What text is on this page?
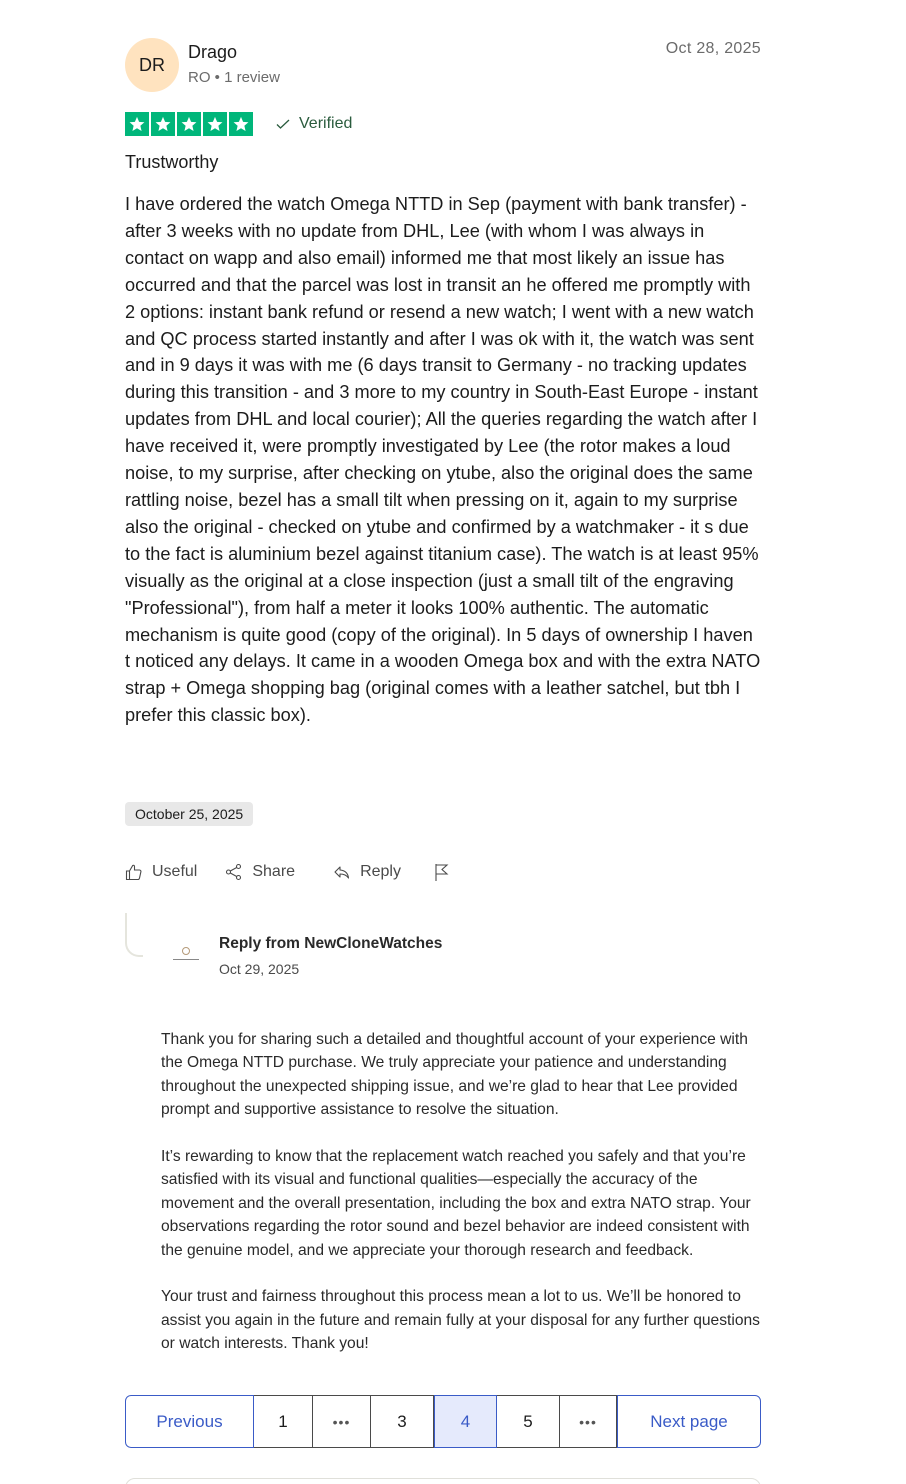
DR
Drago
RO • 1 review
Oct 28, 2025
Verified
Trustworthy
I have ordered the watch Omega NTTD in Sep (payment with bank transfer) - after 3 weeks with no update from DHL, Lee (with whom I was always in contact on wapp and also email) informed me that most likely an issue has occurred and that the parcel was lost in transit an he offered me promptly with 2 options: instant bank refund or resend a new watch; I went with a new watch and QC process started instantly and after I was ok with it, the watch was sent and in 9 days it was with me (6 days transit to Germany - no tracking updates during this transition - and 3 more to my country in South-East Europe - instant updates from DHL and local courier); All the queries regarding the watch after I have received it, were promptly investigated by Lee (the rotor makes a loud noise, to my surprise, after checking on ytube, also the original does the same rattling noise, bezel has a small tilt when pressing on it, again to my surprise also the original - checked on ytube and confirmed by a watchmaker - it s due to the fact is aluminium bezel against titanium case). The watch is at least 95% visually as the original at a close inspection (just a small tilt of the engraving "Professional"), from half a meter it looks 100% authentic. The automatic mechanism is quite good (copy of the original). In 5 days of ownership I haven t noticed any delays. It came in a wooden Omega box and with the extra NATO strap + Omega shopping bag (original comes with a leather satchel, but tbh I prefer this classic box).
October 25, 2025
Useful	Share	Reply
Reply from NewCloneWatches
Oct 29, 2025

Thank you for sharing such a detailed and thoughtful account of your experience with the Omega NTTD purchase. We truly appreciate your patience and understanding throughout the unexpected shipping issue, and we’re glad to hear that Lee provided prompt and supportive assistance to resolve the situation.

It’s rewarding to know that the replacement watch reached you safely and that you’re satisfied with its visual and functional qualities—especially the accuracy of the movement and the overall presentation, including the box and extra NATO strap. Your observations regarding the rotor sound and bezel behavior are indeed consistent with the genuine model, and we appreciate your thorough research and feedback.

Your trust and fairness throughout this process mean a lot to us. We’ll be honored to assist you again in the future and remain fully at your disposal for any further questions or watch interests. Thank you!

Previous	1	•••	3	4	5	•••	Next page
